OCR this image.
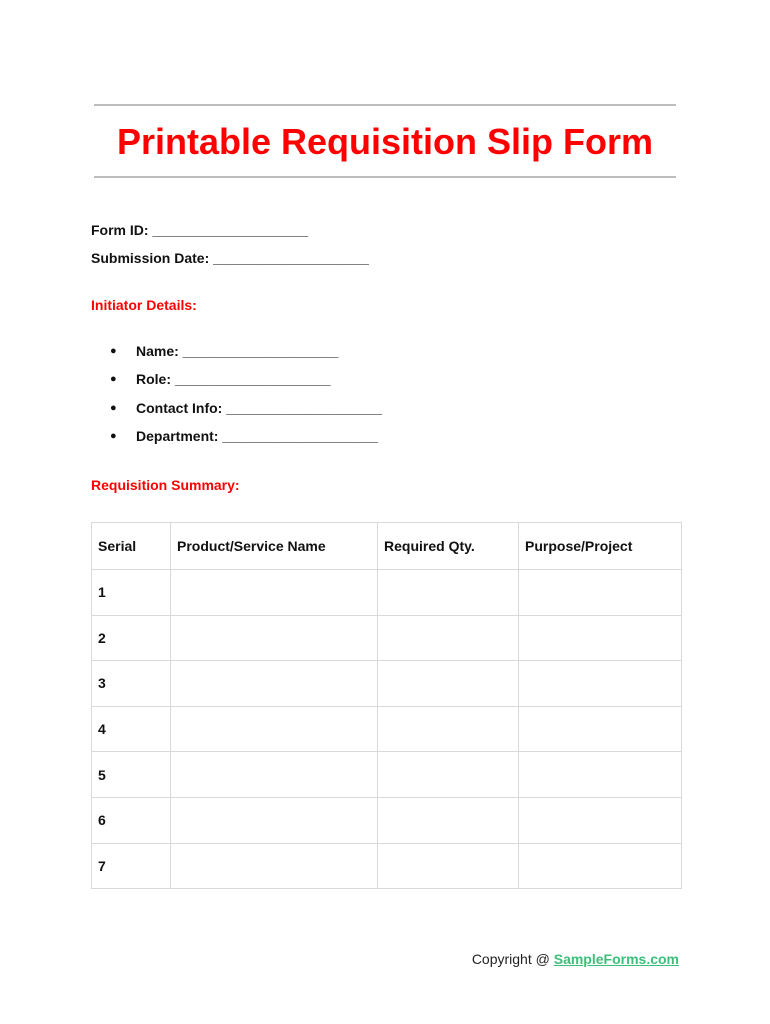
Printable Requisition Slip Form
Form ID: ____________________
Submission Date: ____________________
Initiator Details:
●	Name: ____________________
●	Role: ____________________
●	Contact Info: ____________________
●	Department: ____________________
Requisition Summary:
Serial	Product/Service Name	Required Qty.	Purpose/Project
1			
2			
3			
4			
5			
6			
7			
Copyright @ SampleForms.com
